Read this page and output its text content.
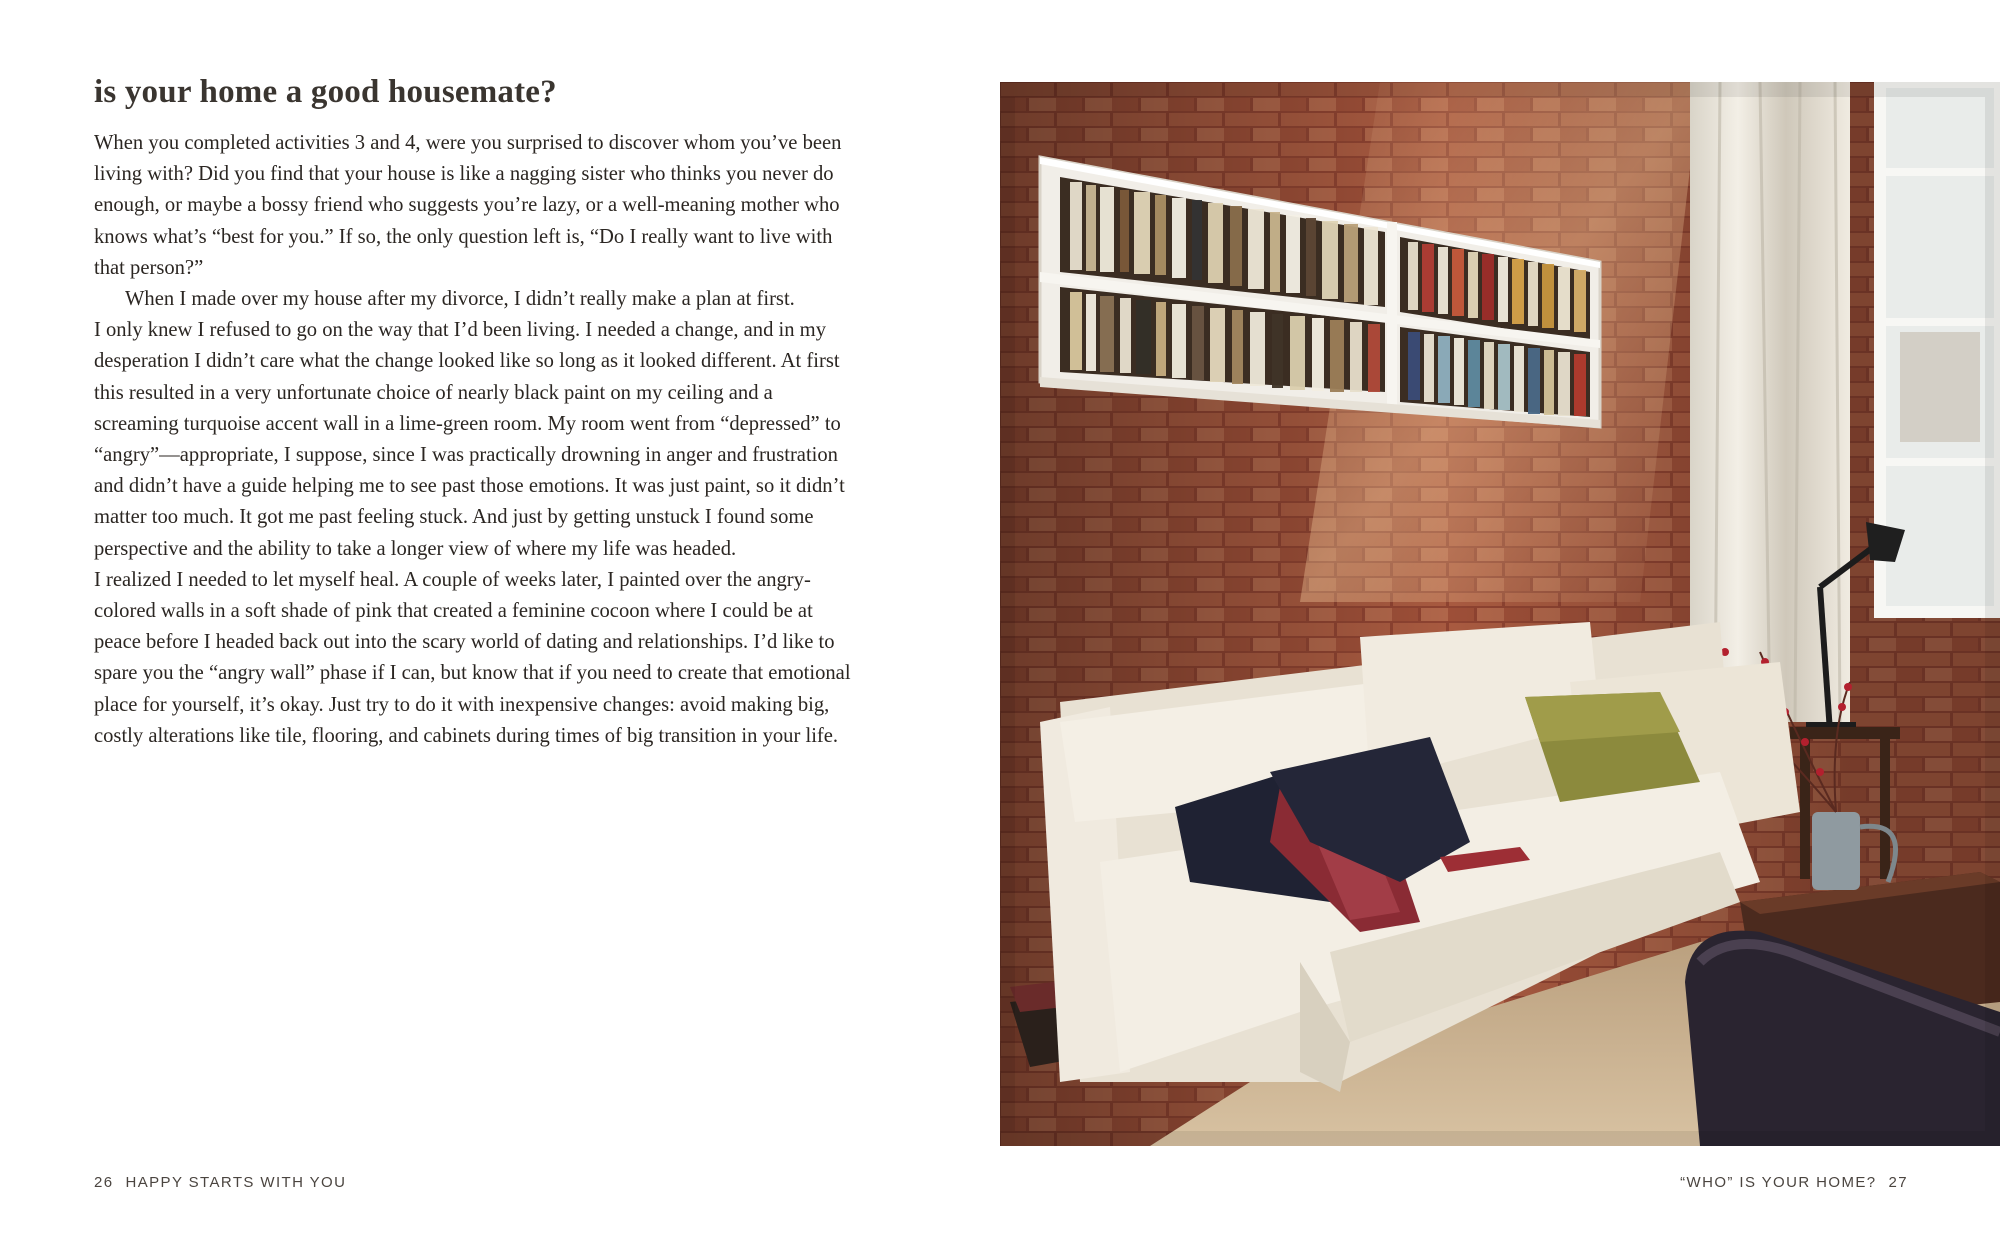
is your home a good housemate?

When you completed activities 3 and 4, were you surprised to discover whom you’ve been living with? Did you find that your house is like a nagging sister who thinks you never do enough, or maybe a bossy friend who suggests you’re lazy, or a well-meaning mother who knows what’s “best for you.” If so, the only question left is, “Do I really want to live with that person?”

When I made over my house after my divorce, I didn’t really make a plan at first.

I only knew I refused to go on the way that I’d been living. I needed a change, and in my desperation I didn’t care what the change looked like so long as it looked different. At first this resulted in a very unfortunate choice of nearly black paint on my ceiling and a screaming turquoise accent wall in a lime-green room. My room went from “depressed” to “angry”—appropriate, I suppose, since I was practically drowning in anger and frustration and didn’t have a guide helping me to see past those emotions. It was just paint, so it didn’t matter too much. It got me past feeling stuck. And just by getting unstuck I found some perspective and the ability to take a longer view of where my life was headed.

I realized I needed to let myself heal. A couple of weeks later, I painted over the angry-colored walls in a soft shade of pink that created a feminine cocoon where I could be at peace before I headed back out into the scary world of dating and relationships. I’d like to spare you the “angry wall” phase if I can, but know that if you need to create that emotional place for yourself, it’s okay. Just try to do it with inexpensive changes: avoid making big, costly alterations like tile, flooring, and cabinets during times of big transition in your life.

26 HAPPY STARTS WITH YOU	“WHO” IS YOUR HOME? 27
